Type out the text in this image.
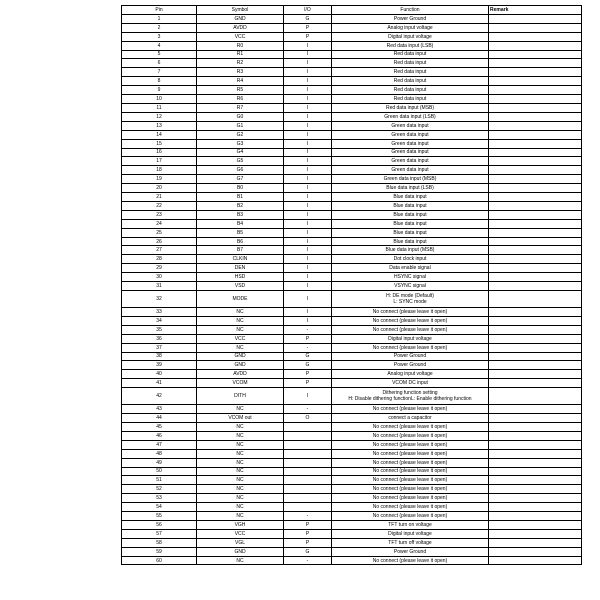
Pin	Symbol	I/O	Function	Remark
1	GND	G	Power Ground	
2	AVDD	P	Analog input voltage	
3	VCC	P	Digital input voltage	
4	R0	I	Red data input (LSB)	
5	R1	I	Red data input	
6	R2	I	Red data input	
7	R3	I	Red data input	
8	R4	I	Red data input	
9	R5	I	Red data input	
10	R6	I	Red data input	
11	R7	I	Red data input (MSB)	
12	G0	I	Green data input (LSB)	
13	G1	I	Green data input	
14	G2	I	Green data input	
15	G3	I	Green data input	
16	G4	I	Green data input	
17	G5	I	Green data input	
18	G6	I	Green data input	
19	G7	I	Green data input (MSB)	
20	B0	I	Blue data input (LSB)	
21	B1	I	Blue data input	
22	B2	I	Blue data input	
23	B3	I	Blue data input	
24	B4	I	Blue data input	
25	B5	I	Blue data input	
26	B6	I	Blue data input	
27	B7	I	Blue data input (MSB)	
28	CLKIN	I	Dot clock input	
29	DEN	I	Data enable signal	
30	HSD	I	HSYNC signal	
31	VSD	I	VSYNC signal	
32	MODE	I	H: DE mode (Default)
L: SYNC mode	
33	NC	I	No connect (please leave it open)	
34	NC	I	No connect (please leave it open)	
35	NC	-	No connect (please leave it open)	
36	VCC	P	Digital input voltage	
37	NC	-	No connect (please leave it open)	
38	GND	G	Power Ground	
39	GND	G	Power Ground	
40	AVDD	P	Analog input voltage	
41	VCOM	P	VCOM DC input	
42	DITH	I	Dithering function setting
H: Disable dithering functionL: Enable dithering function	
43	NC	-	No connect (please leave it open)	
44	VCOM out	O	connect a capacitor	
45	NC		No connect (please leave it open)	
46	NC		No connect (please leave it open)	
47	NC		No connect (please leave it open)	
48	NC		No connect (please leave it open)	
49	NC		No connect (please leave it open)	
50	NC		No connect (please leave it open)	
51	NC		No connect (please leave it open)	
52	NC		No connect (please leave it open)	
53	NC		No connect (please leave it open)	
54	NC		No connect (please leave it open)	
55	NC	-	No connect (please leave it open)	
56	VGH	P	TFT turn on voltage	
57	VCC	P	Digital input voltage	
58	VGL	P	TFT turn off voltage	
59	GND	G	Power Ground	
60	NC	-	No connect (please leave it open)	
